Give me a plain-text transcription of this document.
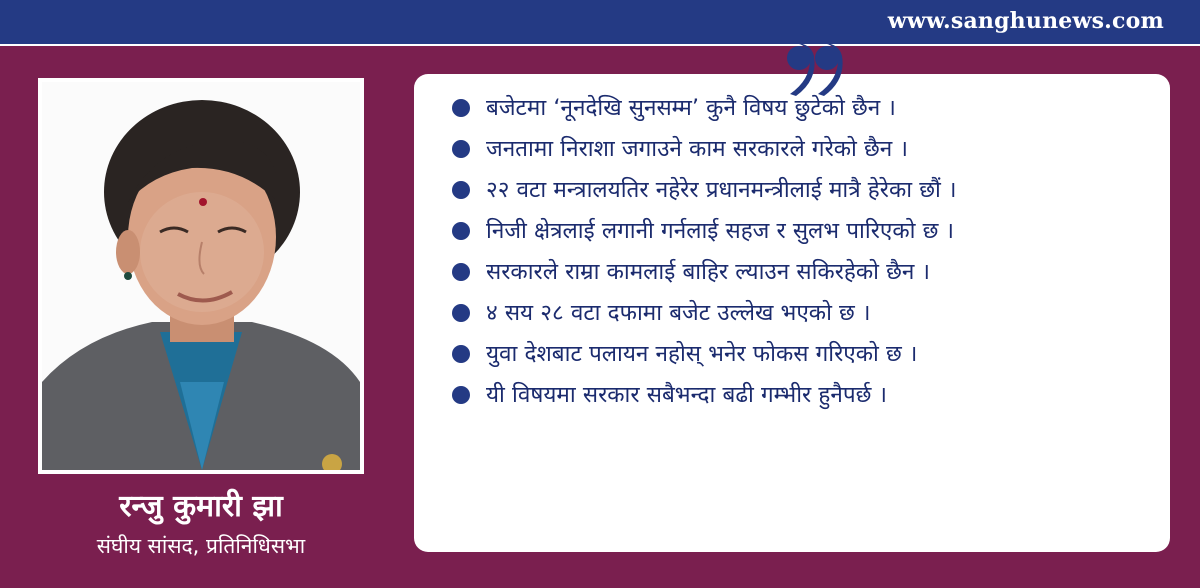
www.sanghunews.com
रन्जु कुमारी झा
संघीय सांसद, प्रतिनिधिसभा
बजेटमा ‘नूनदेखि सुनसम्म’ कुनै विषय छुटेको छैन ।
जनतामा निराशा जगाउने काम सरकारले गरेको छैन ।
२२ वटा मन्त्रालयतिर नहेरेर प्रधानमन्त्रीलाई मात्रै हेरेका छौं ।
निजी क्षेत्रलाई लगानी गर्नलाई सहज र सुलभ पारिएको छ ।
सरकारले राम्रा कामलाई बाहिर ल्याउन सकिरहेको छैन ।
४ सय २८ वटा दफामा बजेट उल्लेख भएको छ ।
युवा देशबाट पलायन नहोस् भनेर फोकस गरिएको छ ।
यी विषयमा सरकार सबैभन्दा बढी गम्भीर हुनैपर्छ ।
